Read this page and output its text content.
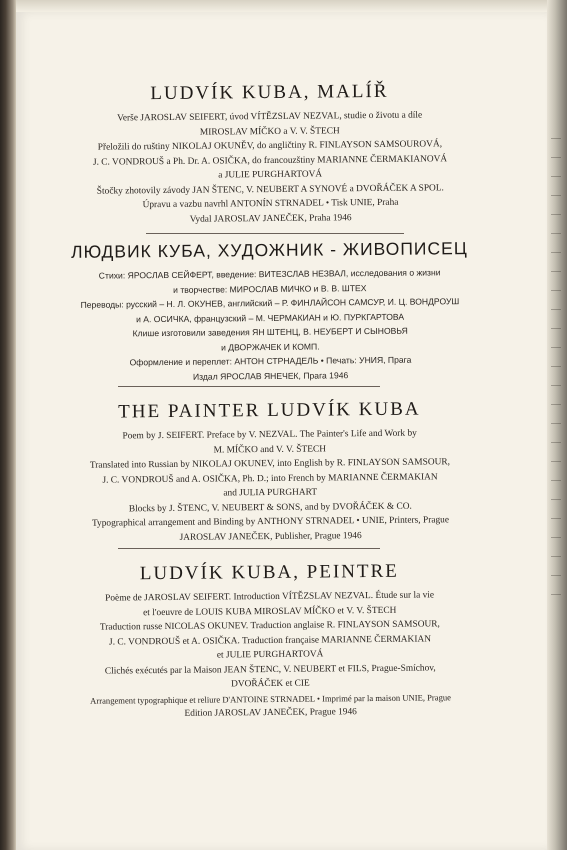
LUDVÍK KUBA, MALÍŘ
Verše JAROSLAV SEIFERT, úvod VÍTĚZSLAV NEZVAL, studie o životu a díle
MIROSLAV MÍČKO a V. V. ŠTECH
Přeložili do ruštiny NIKOLAJ OKUNĚV, do angličtiny R. FINLAYSON SAMSOUROVÁ,
J. C. VONDROUŠ a Ph. Dr. A. OSIČKA, do francouzštiny MARIANNE ČERMAKIANOVÁ
a JULIE PURGHARTOVÁ
Štočky zhotovily závody JAN ŠTENC, V. NEUBERT A SYNOVÉ a DVOŘÁČEK A SPOL.
Úpravu a vazbu navrhl ANTONÍN STRNADEL • Tisk UNIE, Praha
Vydal JAROSLAV JANEČEK, Praha 1946
ЛЮДВИК КУБА, ХУДОЖНИК - ЖИВОПИСЕЦ
Стихи: ЯРОСЛАВ СЕЙФЕРТ, введение: ВИТЕЗСЛАВ НЕЗВАЛ, исследования о жизни
и творчестве: МИРОСЛАВ МИЧКО и В. В. ШТЕХ
Переводы: русский – Н. Л. ОКУНЕВ, английский – Р. ФИНЛАЙСОН САМСУР, И. Ц. ВОНДРОУШ
и А. ОСИЧКА, французский – М. ЧЕРМАКИАН и Ю. ПУРКГАРТОВА
Клише изготовили заведения ЯН ШТЕНЦ, В. НЕУБЕРТ И СЫНОВЬЯ
и ДВОРЖАЧЕК И КОМП.
Оформление и переплет: АНТОН СТРНАДЕЛЬ • Печать: УНИЯ, Прага
Издал ЯРОСЛАВ ЯНЕЧЕК, Прага 1946
THE PAINTER LUDVÍK KUBA
Poem by J. SEIFERT. Preface by V. NEZVAL. The Painter's Life and Work by
M. MÍČKO and V. V. ŠTECH
Translated into Russian by NIKOLAJ OKUNEV, into English by R. FINLAYSON SAMSOUR,
J. C. VONDROUŠ and A. OSIČKA, Ph. D.; into French by MARIANNE ČERMAKIAN
and JULIA PURGHART
Blocks by J. ŠTENC, V. NEUBERT & SONS, and by DVOŘÁČEK & CO.
Typographical arrangement and Binding by ANTHONY STRNADEL • UNIE, Printers, Prague
JAROSLAV JANEČEK, Publisher, Prague 1946
LUDVÍK KUBA, PEINTRE
Poème de JAROSLAV SEIFERT. Introduction VÍTĚZSLAV NEZVAL. Étude sur la vie
et l'oeuvre de LOUIS KUBA MIROSLAV MÍČKO et V. V. ŠTECH
Traduction russe NICOLAS OKUNEV. Traduction anglaise R. FINLAYSON SAMSOUR,
J. C. VONDROUŠ et A. OSIČKA. Traduction française MARIANNE ČERMAKIAN
et JULIE PURGHARTOVÁ
Clichés exécutés par la Maison JEAN ŠTENC, V. NEUBERT et FILS, Prague-Smíchov,
DVOŘÁČEK et CIE
Arrangement typographique et reliure D'ANTOINE STRNADEL • Imprimé par la maison UNIE, Prague
Edition JAROSLAV JANEČEK, Prague 1946
